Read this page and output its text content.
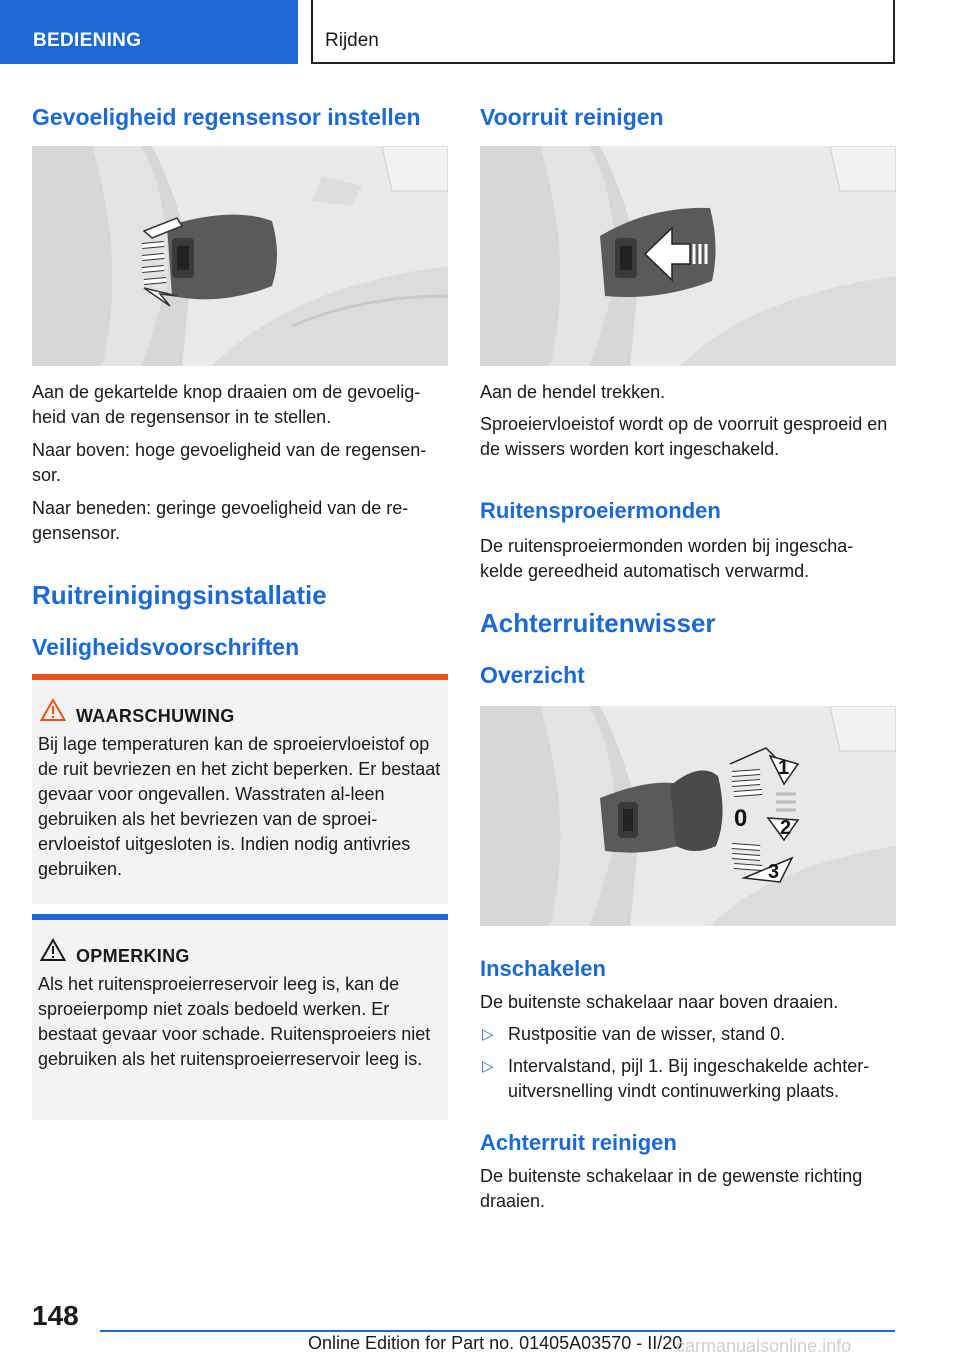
BEDIENING	Rijden
Gevoeligheid regensensor instellen

Aan de gekartelde knop draaien om de gevoelig-heid van de regensensor in te stellen.

Naar boven: hoge gevoeligheid van de regensen-sor.

Naar beneden: geringe gevoeligheid van de re-gensensor.

Ruitreinigingsinstallatie
Veiligheidsvoorschriften
WAARSCHUWING
Bij lage temperaturen kan de sproeiervloeistof op de ruit bevriezen en het zicht beperken. Er bestaat gevaar voor ongevallen. Wasstraten al-leen gebruiken als het bevriezen van de sproei-ervloeistof uitgesloten is. Indien nodig antivries gebruiken.
OPMERKING
Als het ruitensproeierreservoir leeg is, kan de sproeierpomp niet zoals bedoeld werken. Er bestaat gevaar voor schade. Ruitensproeiers niet gebruiken als het ruitensproeierreservoir leeg is.
Voorruit reinigen

Aan de hendel trekken.

Sproeiervloeistof wordt op de voorruit gesproeid en de wissers worden kort ingeschakeld.

Ruitensproeiermonden

De ruitensproeiermonden worden bij ingescha-kelde gereedheid automatisch verwarmd.

Achterruitenwisser
Overzicht
1
0 2
3
Inschakelen

De buitenste schakelaar naar boven draaien.

▷ Rustpositie van de wisser, stand 0.
▷ Intervalstand, pijl 1. Bij ingeschakelde achter-uitversnelling vindt continuwerking plaats.
Achterruit reinigen

De buitenste schakelaar in de gewenste richting draaien.

148
Online Edition for Part no. 01405A03570 - II/20
carmanualsonline.info
